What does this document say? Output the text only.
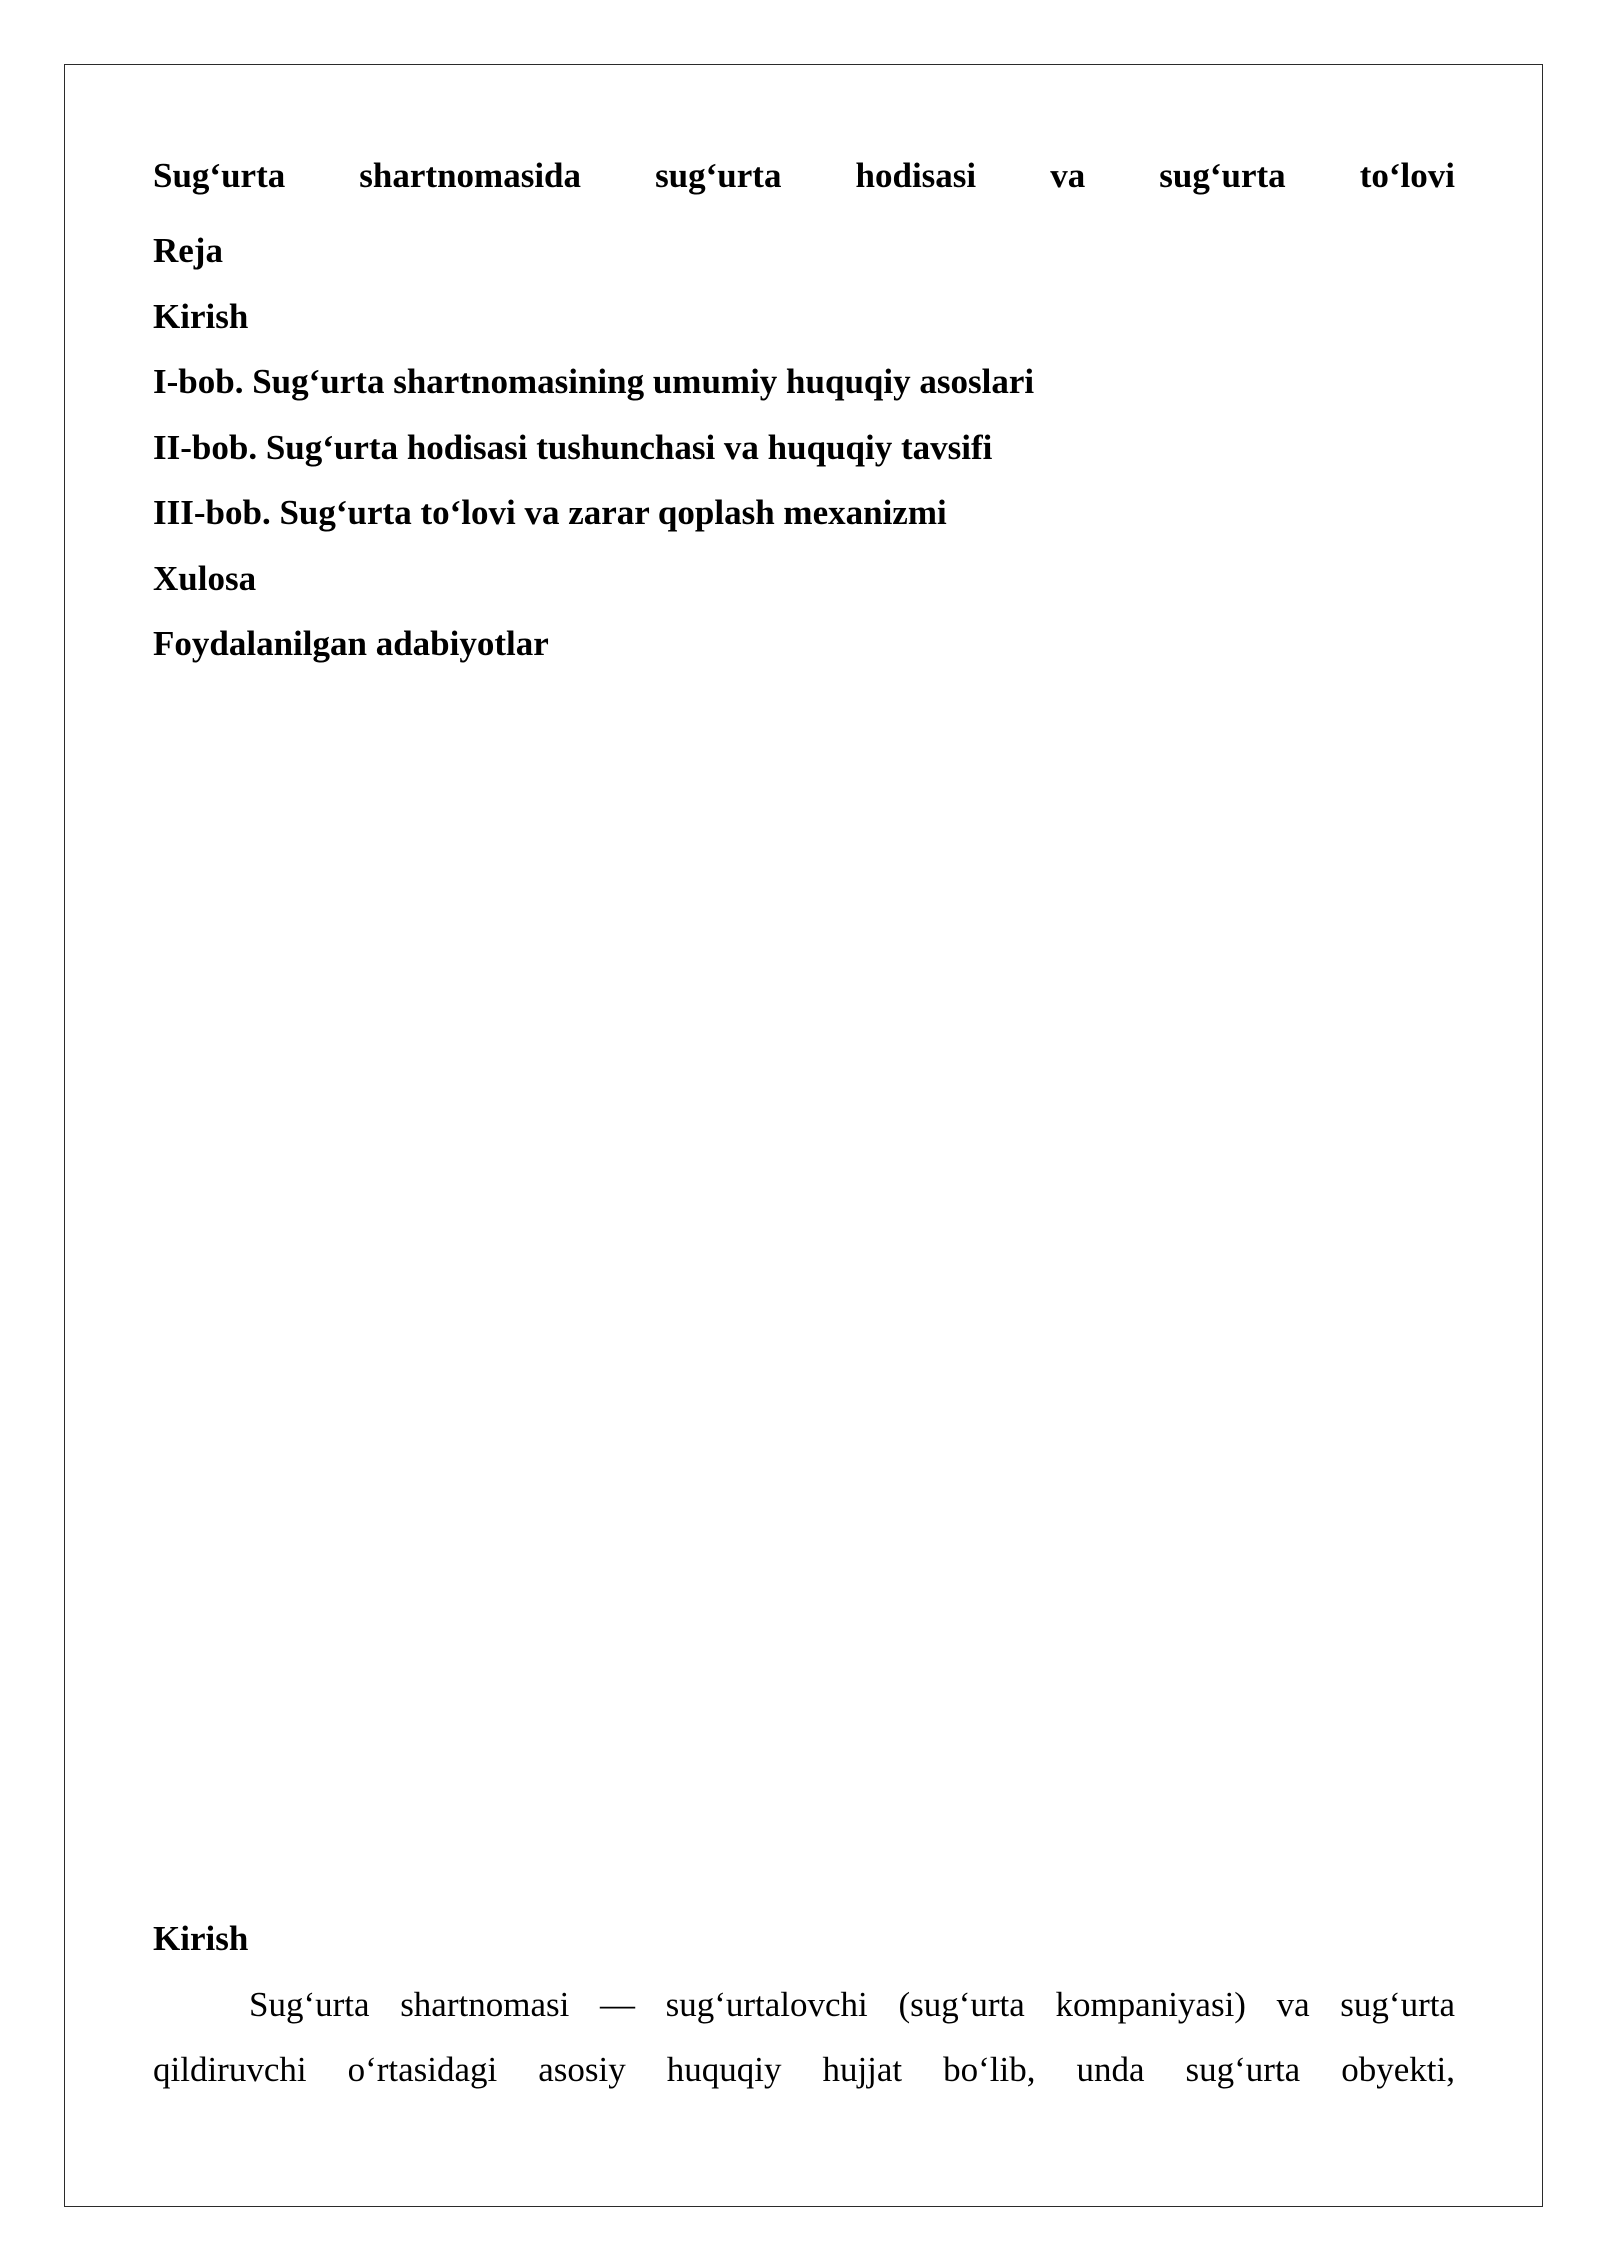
Sug‘urta shartnomasida sug‘urta hodisasi va sug‘urta to‘lovi
Reja
Kirish
I-bob. Sug‘urta shartnomasining umumiy huquqiy asoslari
II-bob. Sug‘urta hodisasi tushunchasi va huquqiy tavsifi
III-bob. Sug‘urta to‘lovi va zarar qoplash mexanizmi
Xulosa
Foydalanilgan adabiyotlar
Kirish
Sug‘urta shartnomasi — sug‘urtalovchi (sug‘urta kompaniyasi) va sug‘urta
qildiruvchi o‘rtasidagi asosiy huquqiy hujjat bo‘lib, unda sug‘urta obyekti,
